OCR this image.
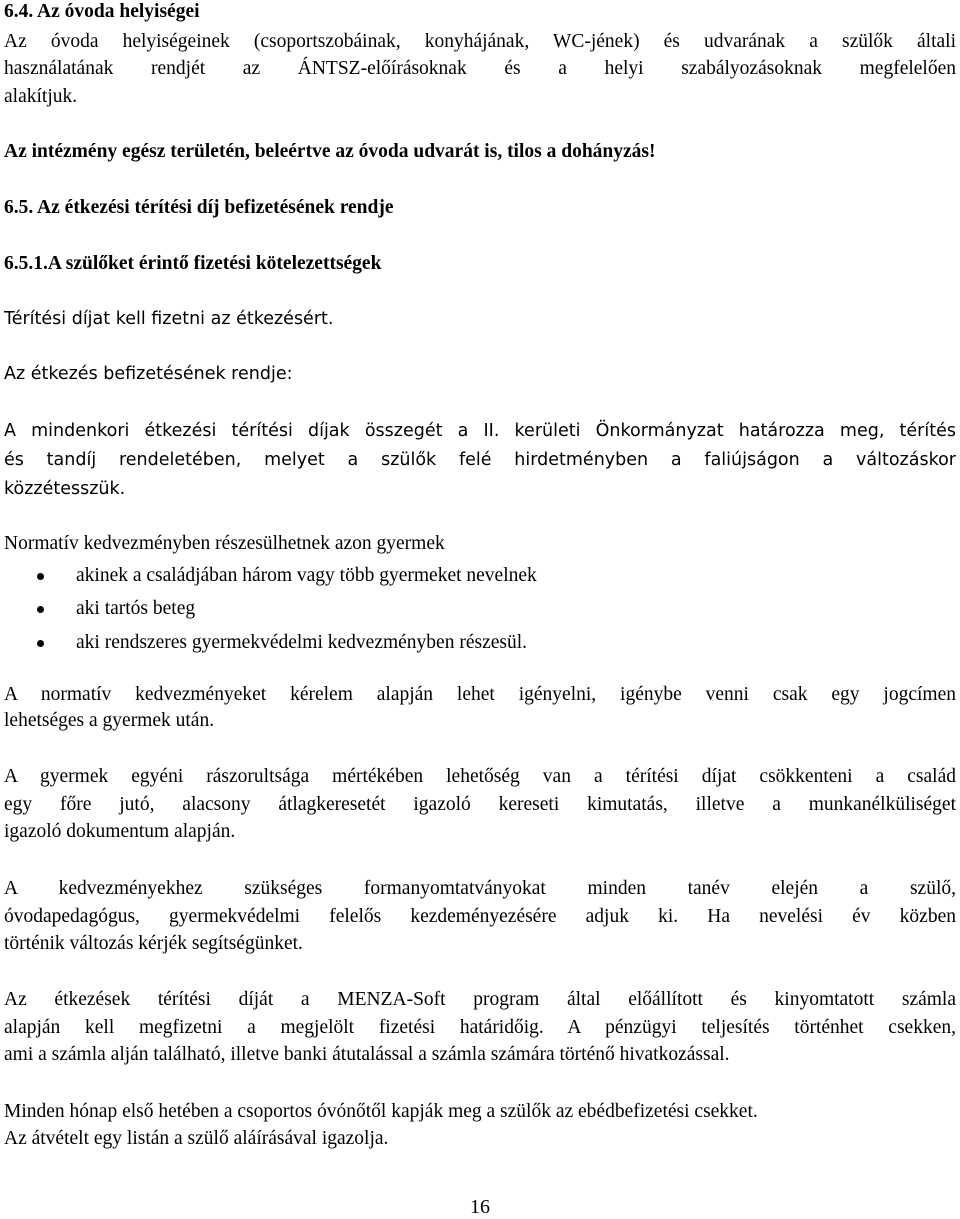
6.4. Az óvoda helyiségei
Az óvoda helyiségeinek (csoportszobáinak, konyhájának, WC-jének) és udvarának a szülők általi
használatának rendjét az ÁNTSZ-előírásoknak és a helyi szabályozásoknak megfelelően
alakítjuk.
Az intézmény egész területén, beleértve az óvoda udvarát is, tilos a dohányzás!
6.5. Az étkezési térítési díj befizetésének rendje
6.5.1.A szülőket érintő fizetési kötelezettségek
Térítési díjat kell fizetni az étkezésért.
Az étkezés befizetésének rendje:
A mindenkori étkezési térítési díjak összegét a II. kerületi Önkormányzat határozza meg, térítés
és tandíj rendeletében, melyet a szülők felé hirdetményben a faliújságon a változáskor
közzétesszük.
Normatív kedvezményben részesülhetnek azon gyermek
akinek a családjában három vagy több gyermeket nevelnek
aki tartós beteg
aki rendszeres gyermekvédelmi kedvezményben részesül.
A normatív kedvezményeket kérelem alapján lehet igényelni, igénybe venni csak egy jogcímen
lehetséges a gyermek után.
A gyermek egyéni rászorultsága mértékében lehetőség van a térítési díjat csökkenteni a család
egy főre jutó, alacsony átlagkeresetét igazoló kereseti kimutatás, illetve a munkanélküliséget
igazoló dokumentum alapján.
A kedvezményekhez szükséges formanyomtatványokat minden tanév elején a szülő,
óvodapedagógus, gyermekvédelmi felelős kezdeményezésére adjuk ki. Ha nevelési év közben
történik változás kérjék segítségünket.
Az étkezések térítési díját a MENZA-Soft program által előállított és kinyomtatott számla
alapján kell megfizetni a megjelölt fizetési határidőig. A pénzügyi teljesítés történhet csekken,
ami a számla alján található, illetve banki átutalással a számla számára történő hivatkozással.
Minden hónap első hetében a csoportos óvónőtől kapják meg a szülők az ebédbefizetési csekket.
Az átvételt egy listán a szülő aláírásával igazolja.
16
